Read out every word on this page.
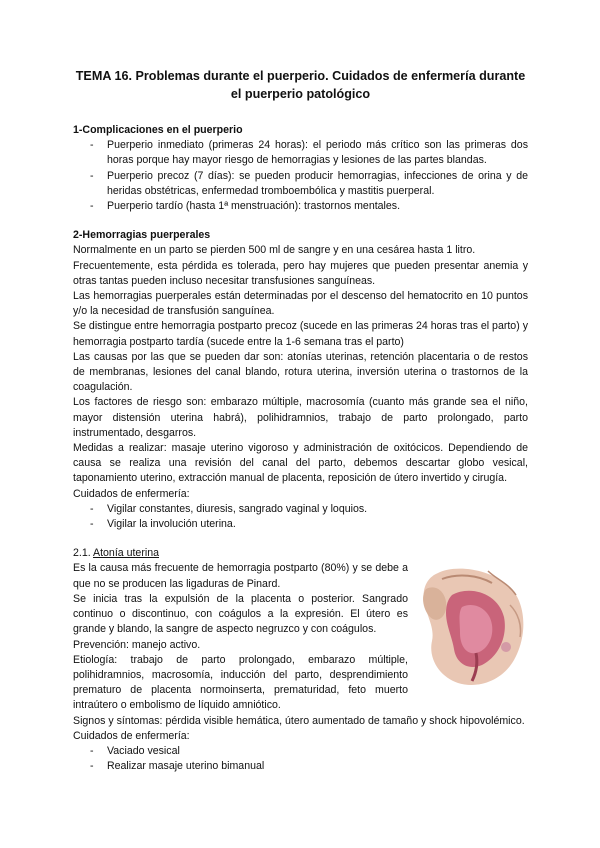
TEMA 16. Problemas durante el puerperio. Cuidados de enfermería durante el puerperio patológico

1-Complicaciones en el puerperio

- Puerperio inmediato (primeras 24 horas): el periodo más crítico son las primeras dos horas porque hay mayor riesgo de hemorragias y lesiones de las partes blandas.
- Puerperio precoz (7 días): se pueden producir hemorragias, infecciones de orina y de heridas obstétricas, enfermedad tromboembólica y mastitis puerperal.
- Puerperio tardío (hasta 1ª menstruación): trastornos mentales.

2-Hemorragias puerperales

Normalmente en un parto se pierden 500 ml de sangre y en una cesárea hasta 1 litro.

Frecuentemente, esta pérdida es tolerada, pero hay mujeres que pueden presentar anemia y otras tantas pueden incluso necesitar transfusiones sanguíneas.

Las hemorragias puerperales están determinadas por el descenso del hematocrito en 10 puntos y/o la necesidad de transfusión sanguínea.

Se distingue entre hemorragia postparto precoz (sucede en las primeras 24 horas tras el parto) y hemorragia postparto tardía (sucede entre la 1-6 semana tras el parto)

Las causas por las que se pueden dar son: atonías uterinas, retención placentaria o de restos de membranas, lesiones del canal blando, rotura uterina, inversión uterina o trastornos de la coagulación.

Los factores de riesgo son: embarazo múltiple, macrosomía (cuanto más grande sea el niño, mayor distensión uterina habrá), polihidramnios, trabajo de parto prolongado, parto instrumentado, desgarros.

Medidas a realizar: masaje uterino vigoroso y administración de oxitócicos. Dependiendo de causa se realiza una revisión del canal del parto, debemos descartar globo vesical, taponamiento uterino, extracción manual de placenta, reposición de útero invertido y cirugía.

Cuidados de enfermería:

- Vigilar constantes, diuresis, sangrado vaginal y loquios.
- Vigilar la involución uterina.

2.1. Atonía uterina

Es la causa más frecuente de hemorragia postparto (80%) y se debe a que no se producen las ligaduras de Pinard.

Se inicia tras la expulsión de la placenta o posterior. Sangrado continuo o discontinuo, con coágulos a la expresión. El útero es grande y blando, la sangre de aspecto negruzco y con coágulos.

Prevención: manejo activo.

Etiología: trabajo de parto prolongado, embarazo múltiple, polihidramnios, macrosomía, inducción del parto, desprendimiento prematuro de placenta normoinserta, prematuridad, feto muerto intraútero o embolismo de líquido amniótico.

Signos y síntomas: pérdida visible hemática, útero aumentado de tamaño y shock hipovolémico.

Cuidados de enfermería:

- Vaciado vesical
- Realizar masaje uterino bimanual
